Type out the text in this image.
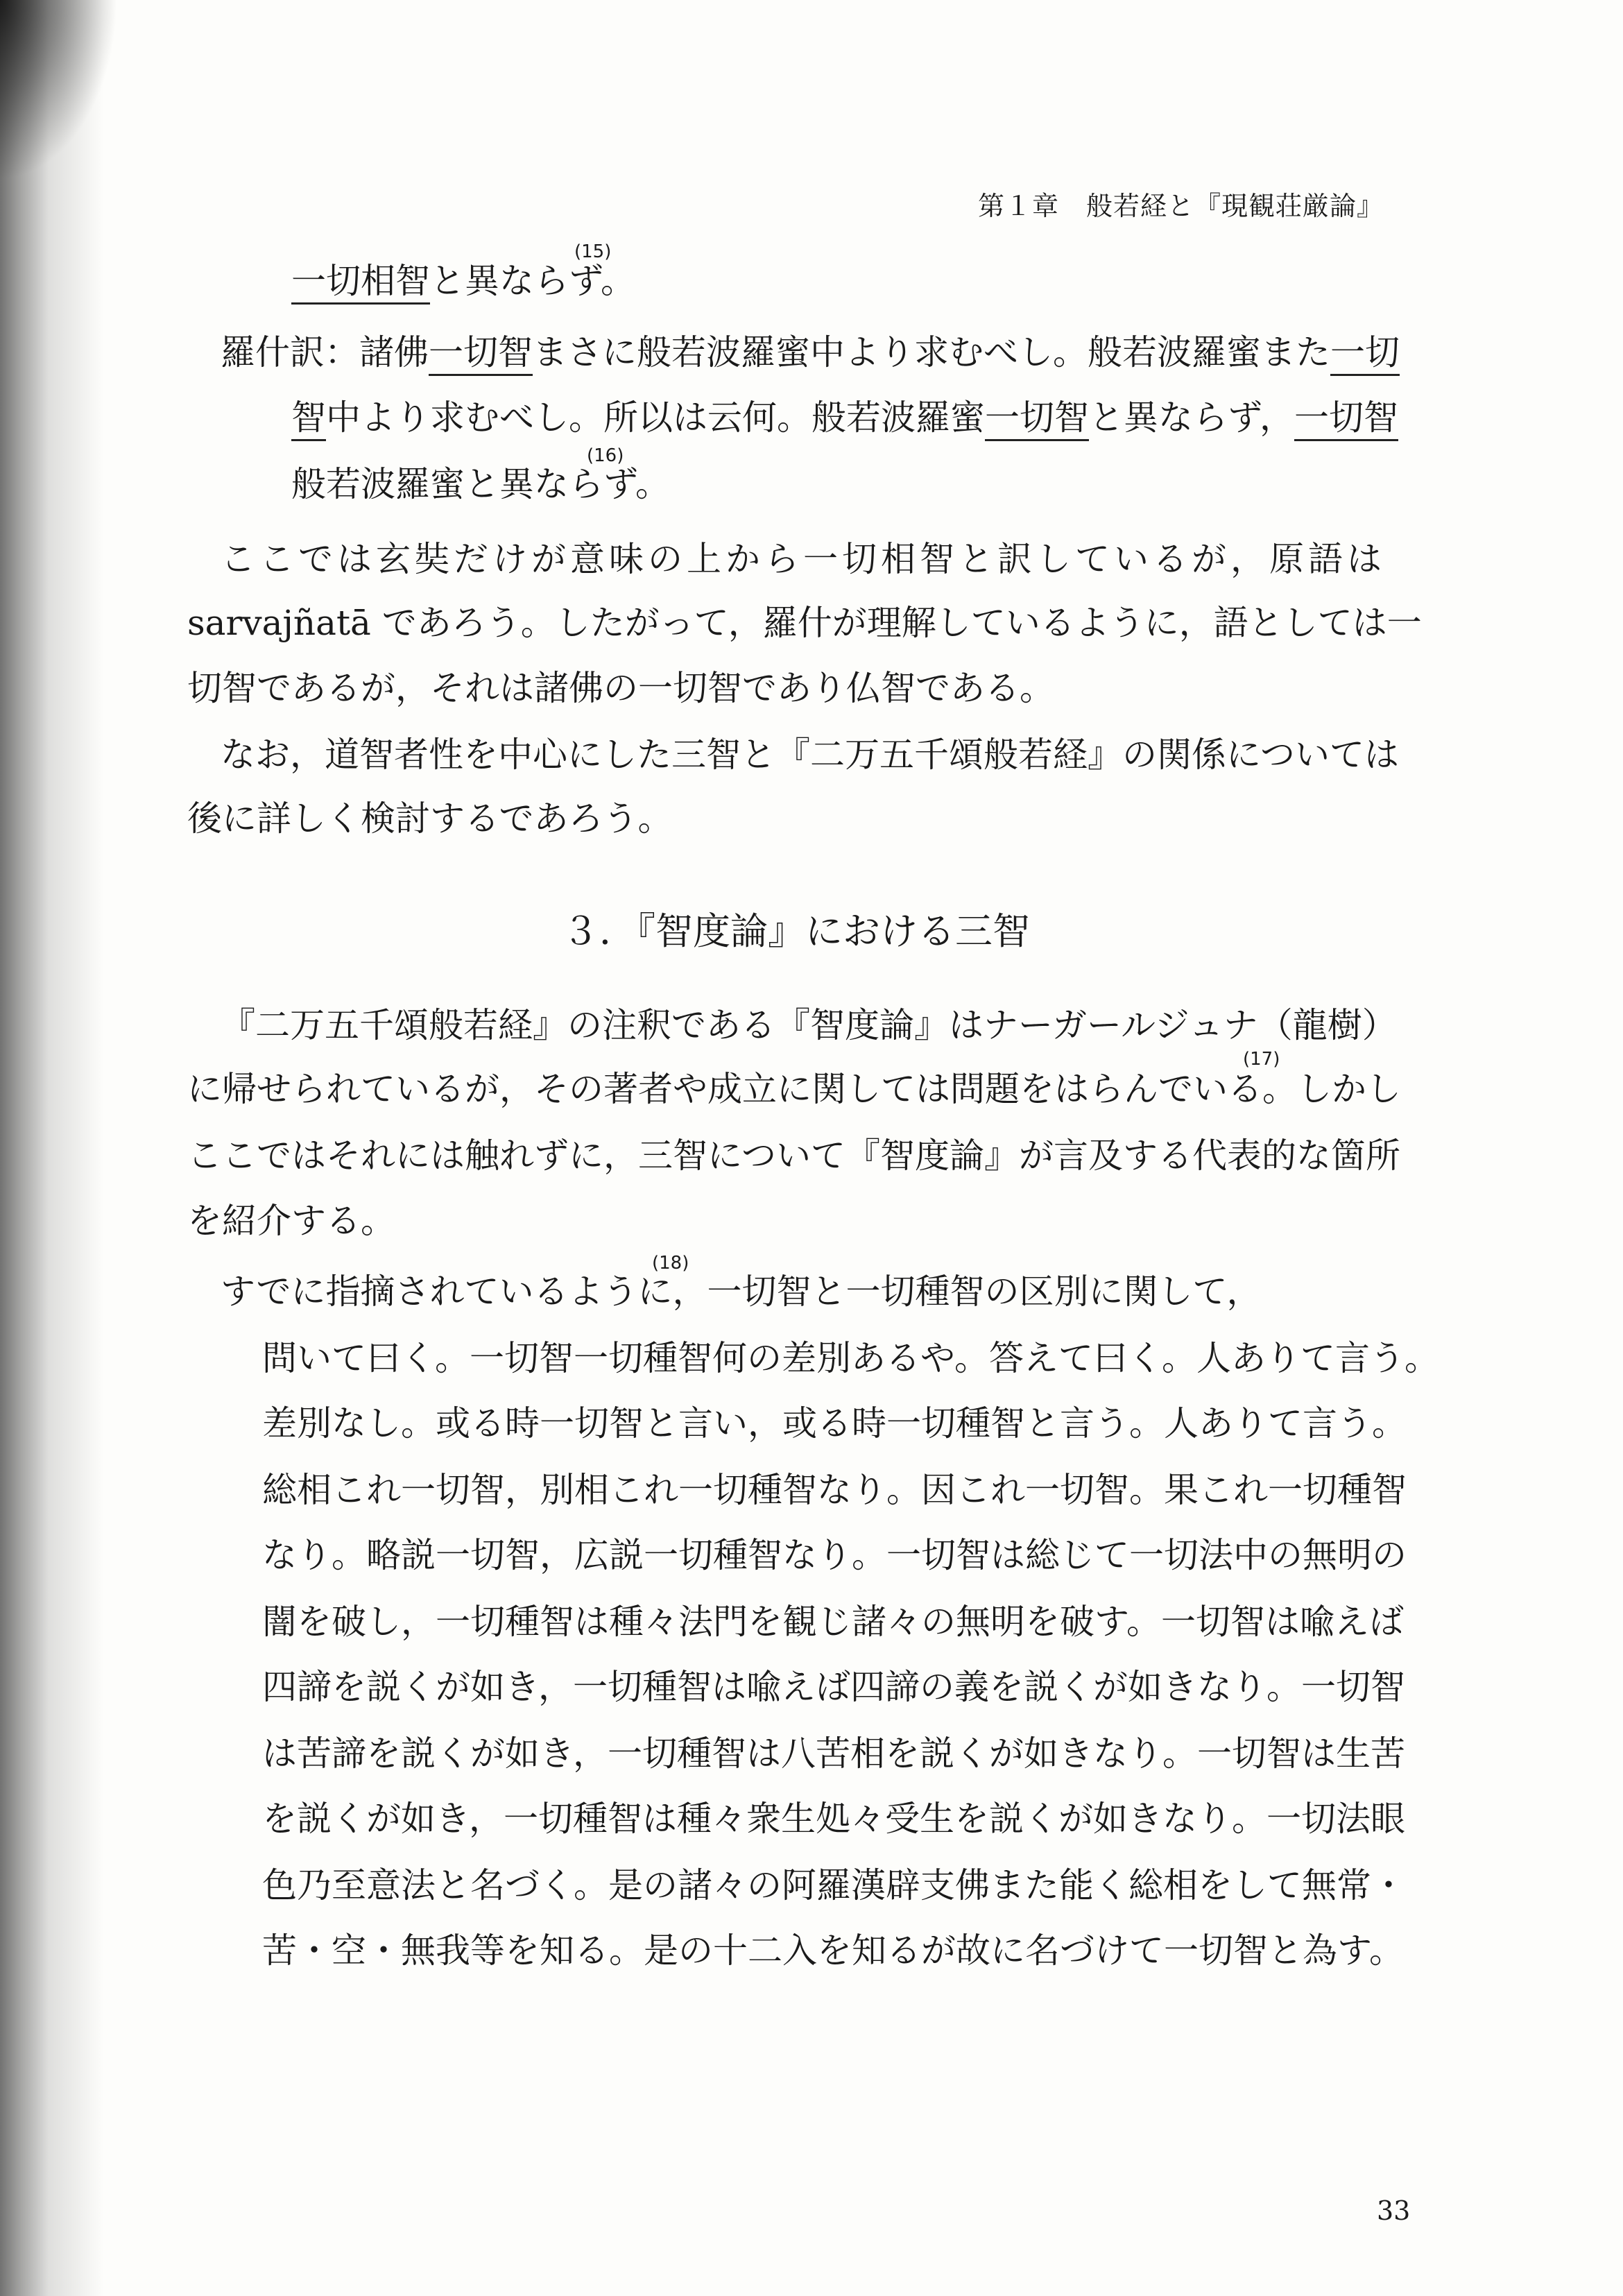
第１章　般若経と『現観荘厳論』
(15)
一切相智と異ならず。
羅什訳：諸佛一切智まさに般若波羅蜜中より求むべし。般若波羅蜜また一切
智中より求むべし。所以は云何。般若波羅蜜一切智と異ならず，一切智
(16)
般若波羅蜜と異ならず。
ここでは玄奘だけが意味の上から一切相智と訳しているが，原語は
sarvajñatā であろう。したがって，羅什が理解しているように，語としては一
切智であるが，それは諸佛の一切智であり仏智である。
なお，道智者性を中心にした三智と『二万五千頌般若経』の関係については
後に詳しく検討するであろう。
３．『智度論』における三智
『二万五千頌般若経』の注釈である『智度論』はナーガールジュナ（龍樹）
(17)
に帰せられているが，その著者や成立に関しては問題をはらんでいる。しかし
ここではそれには触れずに，三智について『智度論』が言及する代表的な箇所
を紹介する。
(18)
すでに指摘されているように，一切智と一切種智の区別に関して，
問いて曰く。一切智一切種智何の差別あるや。答えて曰く。人ありて言う。
差別なし。或る時一切智と言い，或る時一切種智と言う。人ありて言う。
総相これ一切智，別相これ一切種智なり。因これ一切智。果これ一切種智
なり。略説一切智，広説一切種智なり。一切智は総じて一切法中の無明の
闇を破し，一切種智は種々法門を観じ諸々の無明を破す。一切智は喩えば
四諦を説くが如き，一切種智は喩えば四諦の義を説くが如きなり。一切智
は苦諦を説くが如き，一切種智は八苦相を説くが如きなり。一切智は生苦
を説くが如き，一切種智は種々衆生処々受生を説くが如きなり。一切法眼
色乃至意法と名づく。是の諸々の阿羅漢辟支佛また能く総相をして無常・
苦・空・無我等を知る。是の十二入を知るが故に名づけて一切智と為す。
33
